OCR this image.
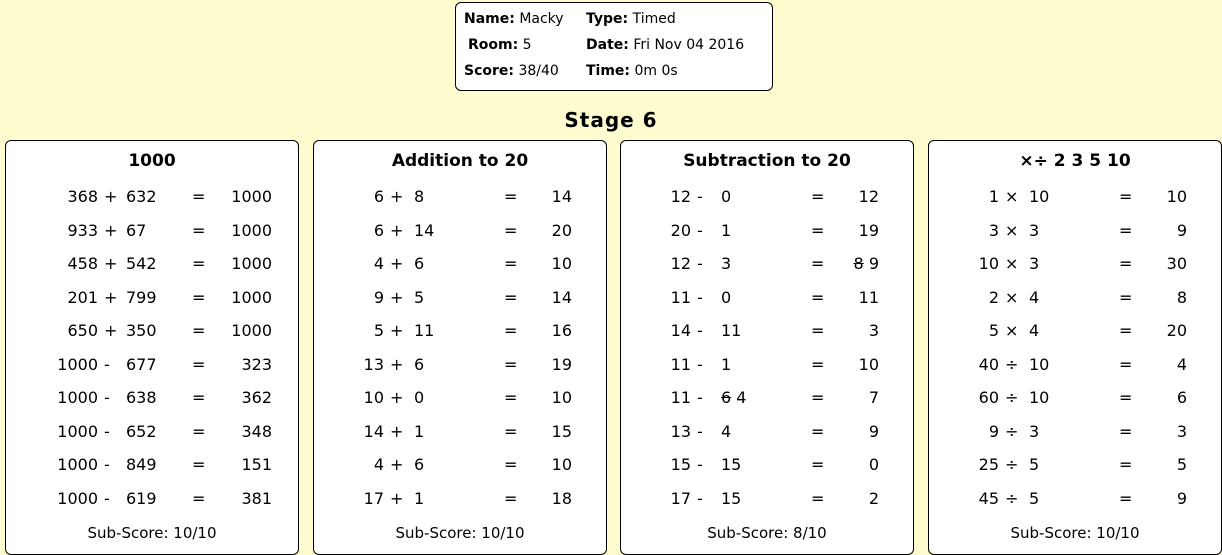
Name: Macky Type: Timed
Room: 5	Date: Fri Nov 04 2016
Score: 38/40 Time: 0m 0s
Stage 6
1000
368 + 632 = 1000
933 + 67	= 1000
458 + 542 = 1000
201 + 799 = 1000
650 + 350 = 1000
1000 - 677 =	323
1000 - 638 =	362
1000 - 652 =	348
1000 - 849 =	151
1000 - 619 =	381
Sub-Score: 10/10
Addition to 20
6 + 8	=	14
6 + 14	=	20
4 + 6	=	10
9 + 5	=	14
5 + 11	=	16
13 + 6	=	19
10 + 0	=	10
14 + 1	=	15
4 + 6	=	10
17 + 1	=	18
Sub-Score: 10/10
Subtraction to 20
12 - 0	=	12
20 - 1	=	19
12 - 3	=	8 9
11 - 0	=	11
14 - 11	=	3
11 - 1	=	10
11 - 6 4	=	7
13 - 4	=	9
15 - 15	=	0
17 - 15	=	2
Sub-Score: 8/10
×÷ 2 3 5 10
1 × 10	=	10
3 × 3	=	9
10 × 3	=	30
2 × 4	=	8
5 × 4	=	20
40 ÷ 10	=	4
60 ÷ 10	=	6
9 ÷ 3	=	3
25 ÷ 5	=	5
45 ÷ 5	=	9
Sub-Score: 10/10
